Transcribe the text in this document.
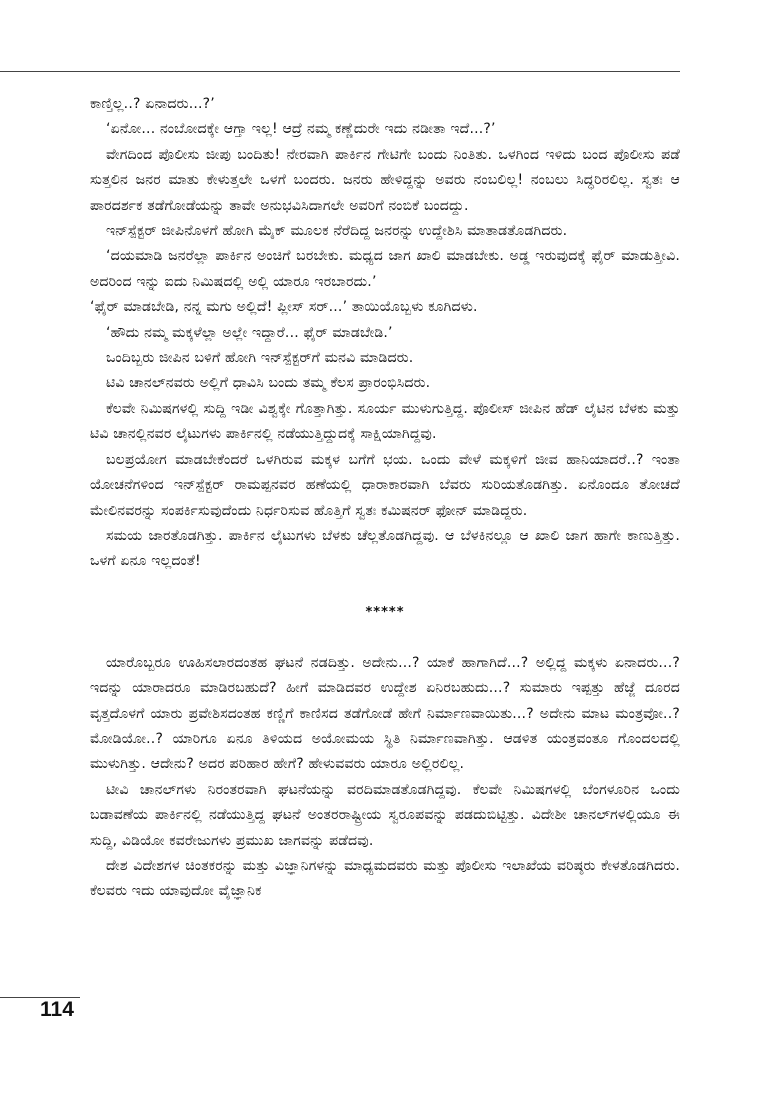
ಕಾಣ್ತಿಲ್ಲ..? ಏನಾದರು...?’

‘ಏನೋ... ನಂಬೋದಕ್ಕೇ ಆಗ್ತಾ ಇಲ್ಲ! ಆದ್ರೆ ನಮ್ಮ ಕಣ್ಣೆದುರೇ ಇದು ನಡೀತಾ ಇದೆ...?’

ವೇಗದಿಂದ ಪೊಲೀಸು ಜೀಪು ಬಂದಿತು! ನೇರವಾಗಿ ಪಾರ್ಕಿನ ಗೇಟಿಗೇ ಬಂದು ನಿಂತಿತು. ಒಳಗಿಂದ ಇಳಿದು ಬಂದ ಪೊಲೀಸು ಪಡೆ ಸುತ್ತಲಿನ ಜನರ ಮಾತು ಕೇಳುತ್ತಲೇ ಒಳಗೆ ಬಂದರು. ಜನರು ಹೇಳಿದ್ದನ್ನು ಅವರು ನಂಬಲಿಲ್ಲ! ನಂಬಲು ಸಿದ್ಧರಿರಲಿಲ್ಲ. ಸ್ವತಃ ಆ ಪಾರದರ್ಶಕ ತಡೆಗೋಡೆಯನ್ನು ತಾವೇ ಅನುಭವಿಸಿದಾಗಲೇ ಅವರಿಗೆ ನಂಬಿಕೆ ಬಂದದ್ದು.

ಇನ್‌ಸ್ಪೆಕ್ಟರ್ ಜೀಪಿನೊಳಗೆ ಹೋಗಿ ಮೈಕ್ ಮೂಲಕ ನೆರೆದಿದ್ದ ಜನರನ್ನು ಉದ್ದೇಶಿಸಿ ಮಾತಾಡತೊಡಗಿದರು.

‘ದಯಮಾಡಿ ಜನರೆಲ್ಲಾ ಪಾರ್ಕಿನ ಅಂಚಿಗೆ ಬರಬೇಕು. ಮಧ್ಯದ ಜಾಗ ಖಾಲಿ ಮಾಡಬೇಕು. ಅಡ್ಡ ಇರುವುದಕ್ಕೆ ಫೈರ್ ಮಾಡುತ್ತೀವಿ. ಅದರಿಂದ ಇನ್ನು ಐದು ನಿಮಿಷದಲ್ಲಿ ಅಲ್ಲಿ ಯಾರೂ ಇರಬಾರದು.’

‘ಫೈರ್ ಮಾಡಬೇಡಿ, ನನ್ನ ಮಗು ಅಲ್ಲಿದೆ! ಪ್ಲೀಸ್ ಸರ್...’ ತಾಯಿಯೊಬ್ಬಳು ಕೂಗಿದಳು.

‘ಹೌದು ನಮ್ಮ ಮಕ್ಕಳೆಲ್ಲಾ ಅಲ್ಲೇ ಇದ್ದಾರೆ... ಫೈರ್ ಮಾಡಬೇಡಿ.’

ಒಂದಿಬ್ಬರು ಜೀಪಿನ ಬಳಿಗೆ ಹೋಗಿ ಇನ್‌ಸ್ಪೆಕ್ಟರ್‌ಗೆ ಮನವಿ ಮಾಡಿದರು.

ಟಿವಿ ಚಾನಲ್‌ನವರು ಅಲ್ಲಿಗೆ ಧಾವಿಸಿ ಬಂದು ತಮ್ಮ ಕೆಲಸ ಪ್ರಾರಂಭಿಸಿದರು.

ಕೆಲವೇ ನಿಮಿಷಗಳಲ್ಲಿ ಸುದ್ದಿ ಇಡೀ ವಿಶ್ವಕ್ಕೇ ಗೊತ್ತಾಗಿತ್ತು. ಸೂರ್ಯ ಮುಳುಗುತ್ತಿದ್ದ. ಪೊಲೀಸ್ ಜೀಪಿನ ಹೆಡ್ ಲೈಟಿನ ಬೆಳಕು ಮತ್ತು ಟಿವಿ ಚಾನಲ್ಲಿನವರ ಲೈಟುಗಳು ಪಾರ್ಕಿನಲ್ಲಿ ನಡೆಯುತ್ತಿದ್ದುದಕ್ಕೆ ಸಾಕ್ಷಿಯಾಗಿದ್ದವು.

ಬಲಪ್ರಯೋಗ ಮಾಡಬೇಕೆಂದರೆ ಒಳಗಿರುವ ಮಕ್ಕಳ ಬಗೆಗೆ ಭಯ. ಒಂದು ವೇಳೆ ಮಕ್ಕಳಿಗೆ ಜೀವ ಹಾನಿಯಾದರೆ..? ಇಂತಾ ಯೋಚನೆಗಳಿಂದ ಇನ್‌ಸ್ಪೆಕ್ಟರ್ ರಾಮಪ್ಪನವರ ಹಣೆಯಲ್ಲಿ ಧಾರಾಕಾರವಾಗಿ ಬೆವರು ಸುರಿಯತೊಡಗಿತ್ತು. ಏನೊಂದೂ ತೋಚದೆ ಮೇಲಿನವರನ್ನು ಸಂಪರ್ಕಿಸುವುದೆಂದು ನಿರ್ಧರಿಸುವ ಹೊತ್ತಿಗೆ ಸ್ವತಃ ಕಮಿಷನರ್ ಫೋನ್ ಮಾಡಿದ್ದರು.

ಸಮಯ ಜಾರತೊಡಗಿತ್ತು. ಪಾರ್ಕಿನ ಲೈಟುಗಳು ಬೆಳಕು ಚೆಲ್ಲತೊಡಗಿದ್ದವು. ಆ ಬೆಳಕಿನಲ್ಲೂ ಆ ಖಾಲಿ ಜಾಗ ಹಾಗೇ ಕಾಣುತ್ತಿತ್ತು. ಒಳಗೆ ಏನೂ ಇಲ್ಲದಂತೆ!

*****

ಯಾರೊಬ್ಬರೂ ಊಹಿಸಲಾರದಂತಹ ಘಟನೆ ನಡದಿತ್ತು. ಅದೇನು...? ಯಾಕೆ ಹಾಗಾಗಿದೆ...? ಅಲ್ಲಿದ್ದ ಮಕ್ಕಳು ಏನಾದರು...? ಇದನ್ನು ಯಾರಾದರೂ ಮಾಡಿರಬಹುದೆ? ಹೀಗೆ ಮಾಡಿದವರ ಉದ್ದೇಶ ಏನಿರಬಹುದು...? ಸುಮಾರು ಇಪ್ಪತ್ತು ಹೆಜ್ಜೆ ದೂರದ ವೃತ್ತದೊಳಗೆ ಯಾರು ಪ್ರವೇಶಿಸದಂತಹ ಕಣ್ಣಿಗೆ ಕಾಣಿಸದ ತಡೆಗೋಡೆ ಹೇಗೆ ನಿರ್ಮಾಣವಾಯಿತು...? ಅದೇನು ಮಾಟ ಮಂತ್ರವೋ..? ಮೋಡಿಯೋ..? ಯಾರಿಗೂ ಏನೂ ತಿಳಿಯದ ಅಯೋಮಯ ಸ್ಥಿತಿ ನಿರ್ಮಾಣವಾಗಿತ್ತು. ಆಡಳಿತ ಯಂತ್ರವಂತೂ ಗೊಂದಲದಲ್ಲಿ ಮುಳುಗಿತ್ತು. ಆದೇನು? ಅದರ ಪರಿಹಾರ ಹೇಗೆ? ಹೇಳುವವರು ಯಾರೂ ಅಲ್ಲಿರಲಿಲ್ಲ.

ಟೀವಿ ಚಾನಲ್‌ಗಳು ನಿರಂತರವಾಗಿ ಘಟನೆಯನ್ನು ವರದಿಮಾಡತೊಡಗಿದ್ದವು. ಕೆಲವೇ ನಿಮಿಷಗಳಲ್ಲಿ ಬೆಂಗಳೂರಿನ ಒಂದು ಬಡಾವಣೆಯ ಪಾರ್ಕಿನಲ್ಲಿ ನಡೆಯುತ್ತಿದ್ದ ಘಟನೆ ಅಂತರರಾಷ್ಟ್ರೀಯ ಸ್ವರೂಪವನ್ನು ಪಡದುಬಿಟ್ಟಿತ್ತು. ವಿದೇಶೀ ಚಾನಲ್‌ಗಳಲ್ಲಿಯೂ ಈ ಸುದ್ದಿ, ವಿಡಿಯೋ ಕವರೇಜುಗಳು ಪ್ರಮುಖ ಜಾಗವನ್ನು ಪಡೆದವು.

ದೇಶ ವಿದೇಶಗಳ ಚಿಂತಕರನ್ನು ಮತ್ತು ವಿಜ್ಞಾನಿಗಳನ್ನು ಮಾಧ್ಯಮದವರು ಮತ್ತು ಪೊಲೀಸು ಇಲಾಖೆಯ ವರಿಷ್ಠರು ಕೇಳತೊಡಗಿದರು. ಕೆಲವರು ಇದು ಯಾವುದೋ ವೈಜ್ಞಾನಿಕ

114
